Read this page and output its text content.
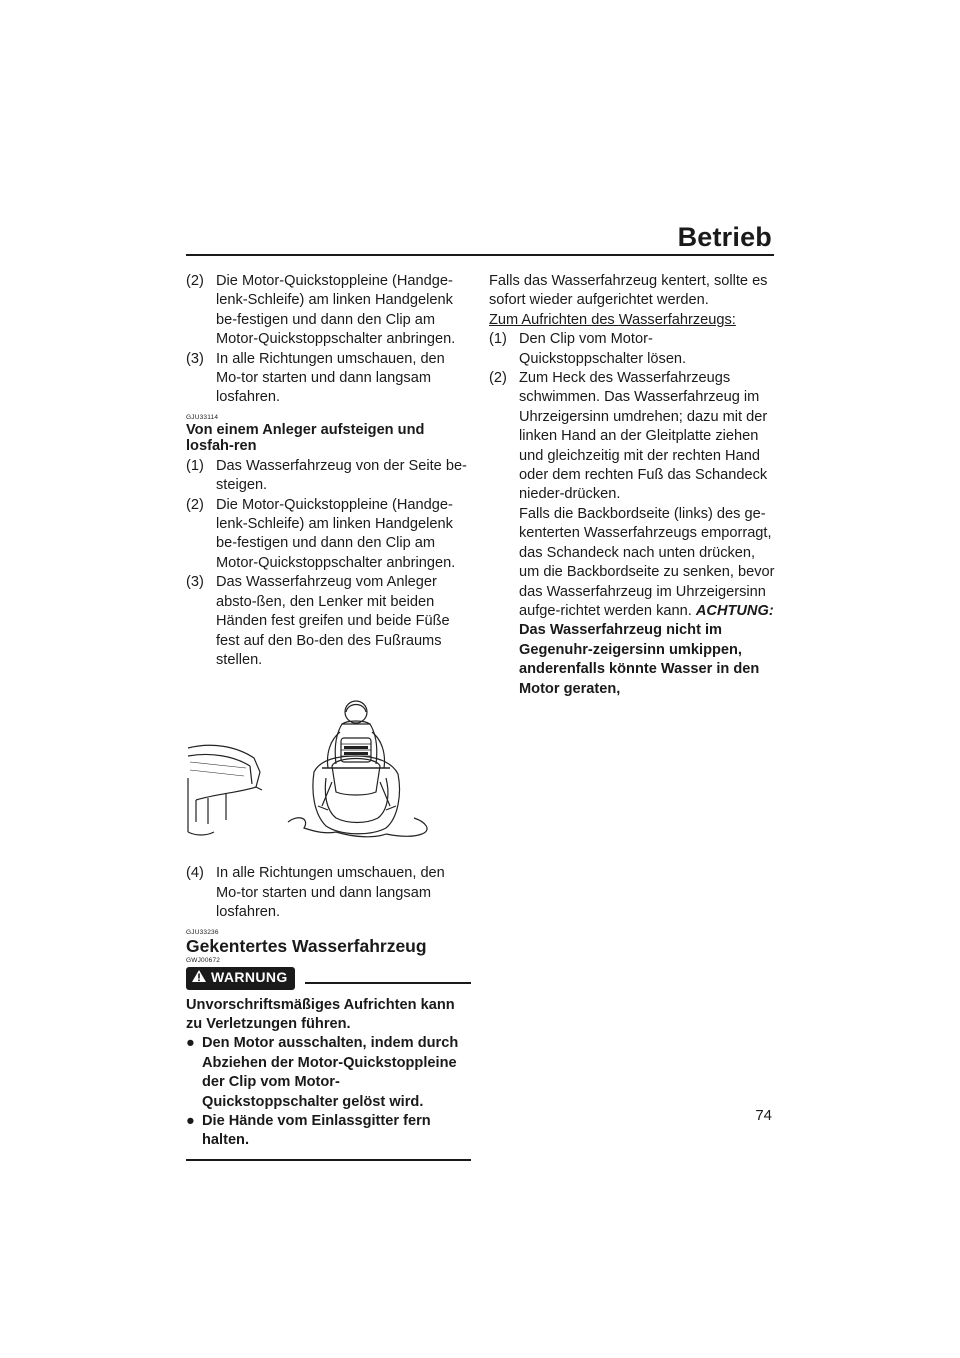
Betrieb
(2) Die Motor-Quickstoppleine (Handge-lenk-Schleife) am linken Handgelenk be-festigen und dann den Clip am Motor-Quickstoppschalter anbringen.
(3) In alle Richtungen umschauen, den Mo-tor starten und dann langsam losfahren.
GJU33114
Von einem Anleger aufsteigen und losfah-ren
(1) Das Wasserfahrzeug von der Seite be-steigen.
(2) Die Motor-Quickstoppleine (Handge-lenk-Schleife) am linken Handgelenk be-festigen und dann den Clip am Motor-Quickstoppschalter anbringen.
(3) Das Wasserfahrzeug vom Anleger absto-ßen, den Lenker mit beiden Händen fest greifen und beide Füße fest auf den Bo-den des Fußraums stellen.
(4) In alle Richtungen umschauen, den Mo-tor starten und dann langsam losfahren.
GJU33236
Gekentertes Wasserfahrzeug
GWJ00672
WARNUNG
Unvorschriftsmäßiges Aufrichten kann zu Verletzungen führen.
● Den Motor ausschalten, indem durch Abziehen der Motor-Quickstoppleine der Clip vom Motor-Quickstoppschalter gelöst wird.
● Die Hände vom Einlassgitter fern halten.
Falls das Wasserfahrzeug kentert, sollte es sofort wieder aufgerichtet werden.
Zum Aufrichten des Wasserfahrzeugs:
(1) Den Clip vom Motor-Quickstoppschalter lösen.
(2) Zum Heck des Wasserfahrzeugs schwimmen. Das Wasserfahrzeug im Uhrzeigersinn umdrehen; dazu mit der linken Hand an der Gleitplatte ziehen und gleichzeitig mit der rechten Hand oder dem rechten Fuß das Schandeck nieder-drücken.
Falls die Backbordseite (links) des ge-kenterten Wasserfahrzeugs emporragt, das Schandeck nach unten drücken, um die Backbordseite zu senken, bevor das Wasserfahrzeug im Uhrzeigersinn aufge-richtet werden kann. ACHTUNG: Das Wasserfahrzeug nicht im Gegenuhr-zeigersinn umkippen, anderenfalls könnte Wasser in den Motor geraten,
74
